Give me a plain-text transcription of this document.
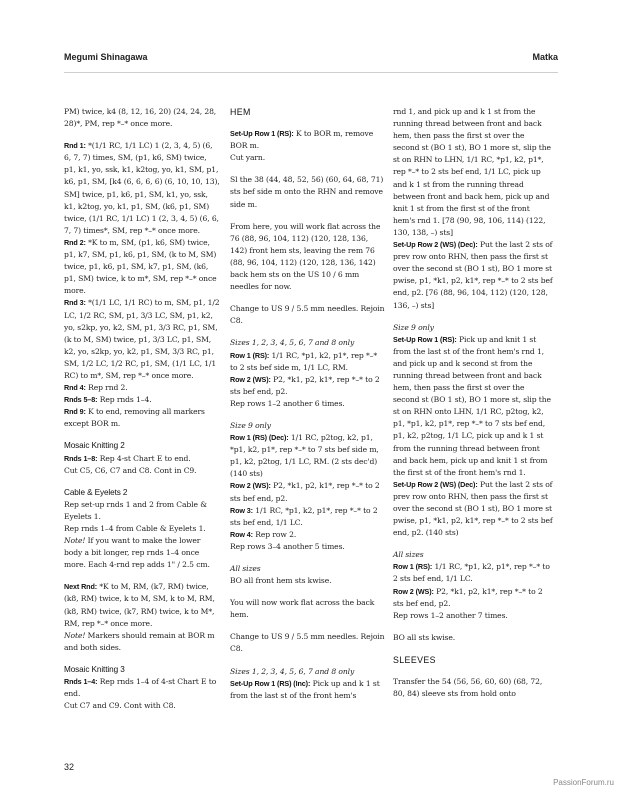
Megumi Shinagawa	Matka

PM) twice, k4 (8, 12, 16, 20) (24, 24, 28, 28)*, PM, rep *–* once more.

Rnd 1: *(1/1 RC, 1/1 LC) 1 (2, 3, 4, 5) (6, 6, 7, 7) times, SM, (p1, k6, SM) twice, p1, k1, yo, ssk, k1, k2tog, yo, k1, SM, p1, k6, p1, SM, [k4 (6, 6, 6, 6) (6, 10, 10, 13), SM] twice, p1, k6, p1, SM, k1, yo, ssk, k1, k2tog, yo, k1, p1, SM, (k6, p1, SM) twice, (1/1 RC, 1/1 LC) 1 (2, 3, 4, 5) (6, 6, 7, 7) times*, SM, rep *–* once more.

Rnd 2: *K to m, SM, (p1, k6, SM) twice, p1, k7, SM, p1, k6, p1, SM, (k to M, SM) twice, p1, k6, p1, SM, k7, p1, SM, (k6, p1, SM) twice, k to m*, SM, rep *–* once more.

Rnd 3: *(1/1 LC, 1/1 RC) to m, SM, p1, 1/2 LC, 1/2 RC, SM, p1, 3/3 LC, SM, p1, k2, yo, s2kp, yo, k2, SM, p1, 3/3 RC, p1, SM, (k to M, SM) twice, p1, 3/3 LC, p1, SM, k2, yo, s2kp, yo, k2, p1, SM, 3/3 RC, p1, SM, 1/2 LC, 1/2 RC, p1, SM, (1/1 LC, 1/1 RC) to m*, SM, rep *–* once more.

Rnd 4: Rep rnd 2.

Rnds 5–8: Rep rnds 1–4.

Rnd 9: K to end, removing all markers except BOR m.

Mosaic Knitting 2

Rnds 1–8: Rep 4-st Chart E to end.

Cut C5, C6, C7 and C8. Cont in C9.

Cable & Eyelets 2

Rep set-up rnds 1 and 2 from Cable & Eyelets 1.

Rep rnds 1–4 from Cable & Eyelets 1.

Note! If you want to make the lower body a bit longer, rep rnds 1–4 once more. Each 4-rnd rep adds 1" / 2.5 cm.

Next Rnd: *K to M, RM, (k7, RM) twice, (k8, RM) twice, k to M, SM, k to M, RM, (k8, RM) twice, (k7, RM) twice, k to M*, RM, rep *–* once more.

Note! Markers should remain at BOR m and both sides.

Mosaic Knitting 3

Rnds 1–4: Rep rnds 1–4 of 4-st Chart E to end.

Cut C7 and C9. Cont with C8.

HEM

Set-Up Row 1 (RS): K to BOR m, remove BOR m.

Cut yarn.

Sl the 38 (44, 48, 52, 56) (60, 64, 68, 71) sts bef side m onto the RHN and remove side m.

From here, you will work flat across the 76 (88, 96, 104, 112) (120, 128, 136, 142) front hem sts, leaving the rem 76 (88, 96, 104, 112) (120, 128, 136, 142) back hem sts on the US 10 / 6 mm needles for now.

Change to US 9 / 5.5 mm needles. Rejoin C8.

Sizes 1, 2, 3, 4, 5, 6, 7 and 8 only

Row 1 (RS): 1/1 RC, *p1, k2, p1*, rep *–* to 2 sts bef side m, 1/1 LC, RM.

Row 2 (WS): P2, *k1, p2, k1*, rep *–* to 2 sts bef end, p2.

Rep rows 1–2 another 6 times.

Size 9 only

Row 1 (RS) (Dec): 1/1 RC, p2tog, k2, p1, *p1, k2, p1*, rep *–* to 7 sts bef side m, p1, k2, p2tog, 1/1 LC, RM. (2 sts dec'd) (140 sts)

Row 2 (WS): P2, *k1, p2, k1*, rep *–* to 2 sts bef end, p2.

Row 3: 1/1 RC, *p1, k2, p1*, rep *–* to 2 sts bef end, 1/1 LC.

Row 4: Rep row 2.

Rep rows 3–4 another 5 times.

All sizes

BO all front hem sts kwise.

You will now work flat across the back hem.

Change to US 9 / 5.5 mm needles. Rejoin C8.

Sizes 1, 2, 3, 4, 5, 6, 7 and 8 only

Set-Up Row 1 (RS) (Inc): Pick up and k 1 st from the last st of the front hem's

rnd 1, and pick up and k 1 st from the running thread between front and back hem, then pass the first st over the second st (BO 1 st), BO 1 more st, slip the st on RHN to LHN, 1/1 RC, *p1, k2, p1*, rep *–* to 2 sts bef end, 1/1 LC, pick up and k 1 st from the running thread between front and back hem, pick up and knit 1 st from the first st of the front hem's rnd 1. [78 (90, 98, 106, 114) (122, 130, 138, –) sts]

Set-Up Row 2 (WS) (Dec): Put the last 2 sts of prev row onto RHN, then pass the first st over the second st (BO 1 st), BO 1 more st pwise, p1, *k1, p2, k1*, rep *–* to 2 sts bef end, p2. [76 (88, 96, 104, 112) (120, 128, 136, –) sts]

Size 9 only

Set-Up Row 1 (RS): Pick up and knit 1 st from the last st of the front hem's rnd 1, and pick up and k second st from the running thread between front and back hem, then pass the first st over the second st (BO 1 st), BO 1 more st, slip the st on RHN onto LHN, 1/1 RC, p2tog, k2, p1, *p1, k2, p1*, rep *–* to 7 sts bef end, p1, k2, p2tog, 1/1 LC, pick up and k 1 st from the running thread between front and back hem, pick up and knit 1 st from the first st of the front hem's rnd 1.

Set-Up Row 2 (WS) (Dec): Put the last 2 sts of prev row onto RHN, then pass the first st over the second st (BO 1 st), BO 1 more st pwise, p1, *k1, p2, k1*, rep *–* to 2 sts bef end, p2. (140 sts)

All sizes

Row 1 (RS): 1/1 RC, *p1, k2, p1*, rep *–* to 2 sts bef end, 1/1 LC.

Row 2 (WS): P2, *k1, p2, k1*, rep *–* to 2 sts bef end, p2.

Rep rows 1–2 another 7 times.

BO all sts kwise.

SLEEVES

Transfer the 54 (56, 56, 60, 60) (68, 72, 80, 84) sleeve sts from hold onto

32
PassionForum.ru
